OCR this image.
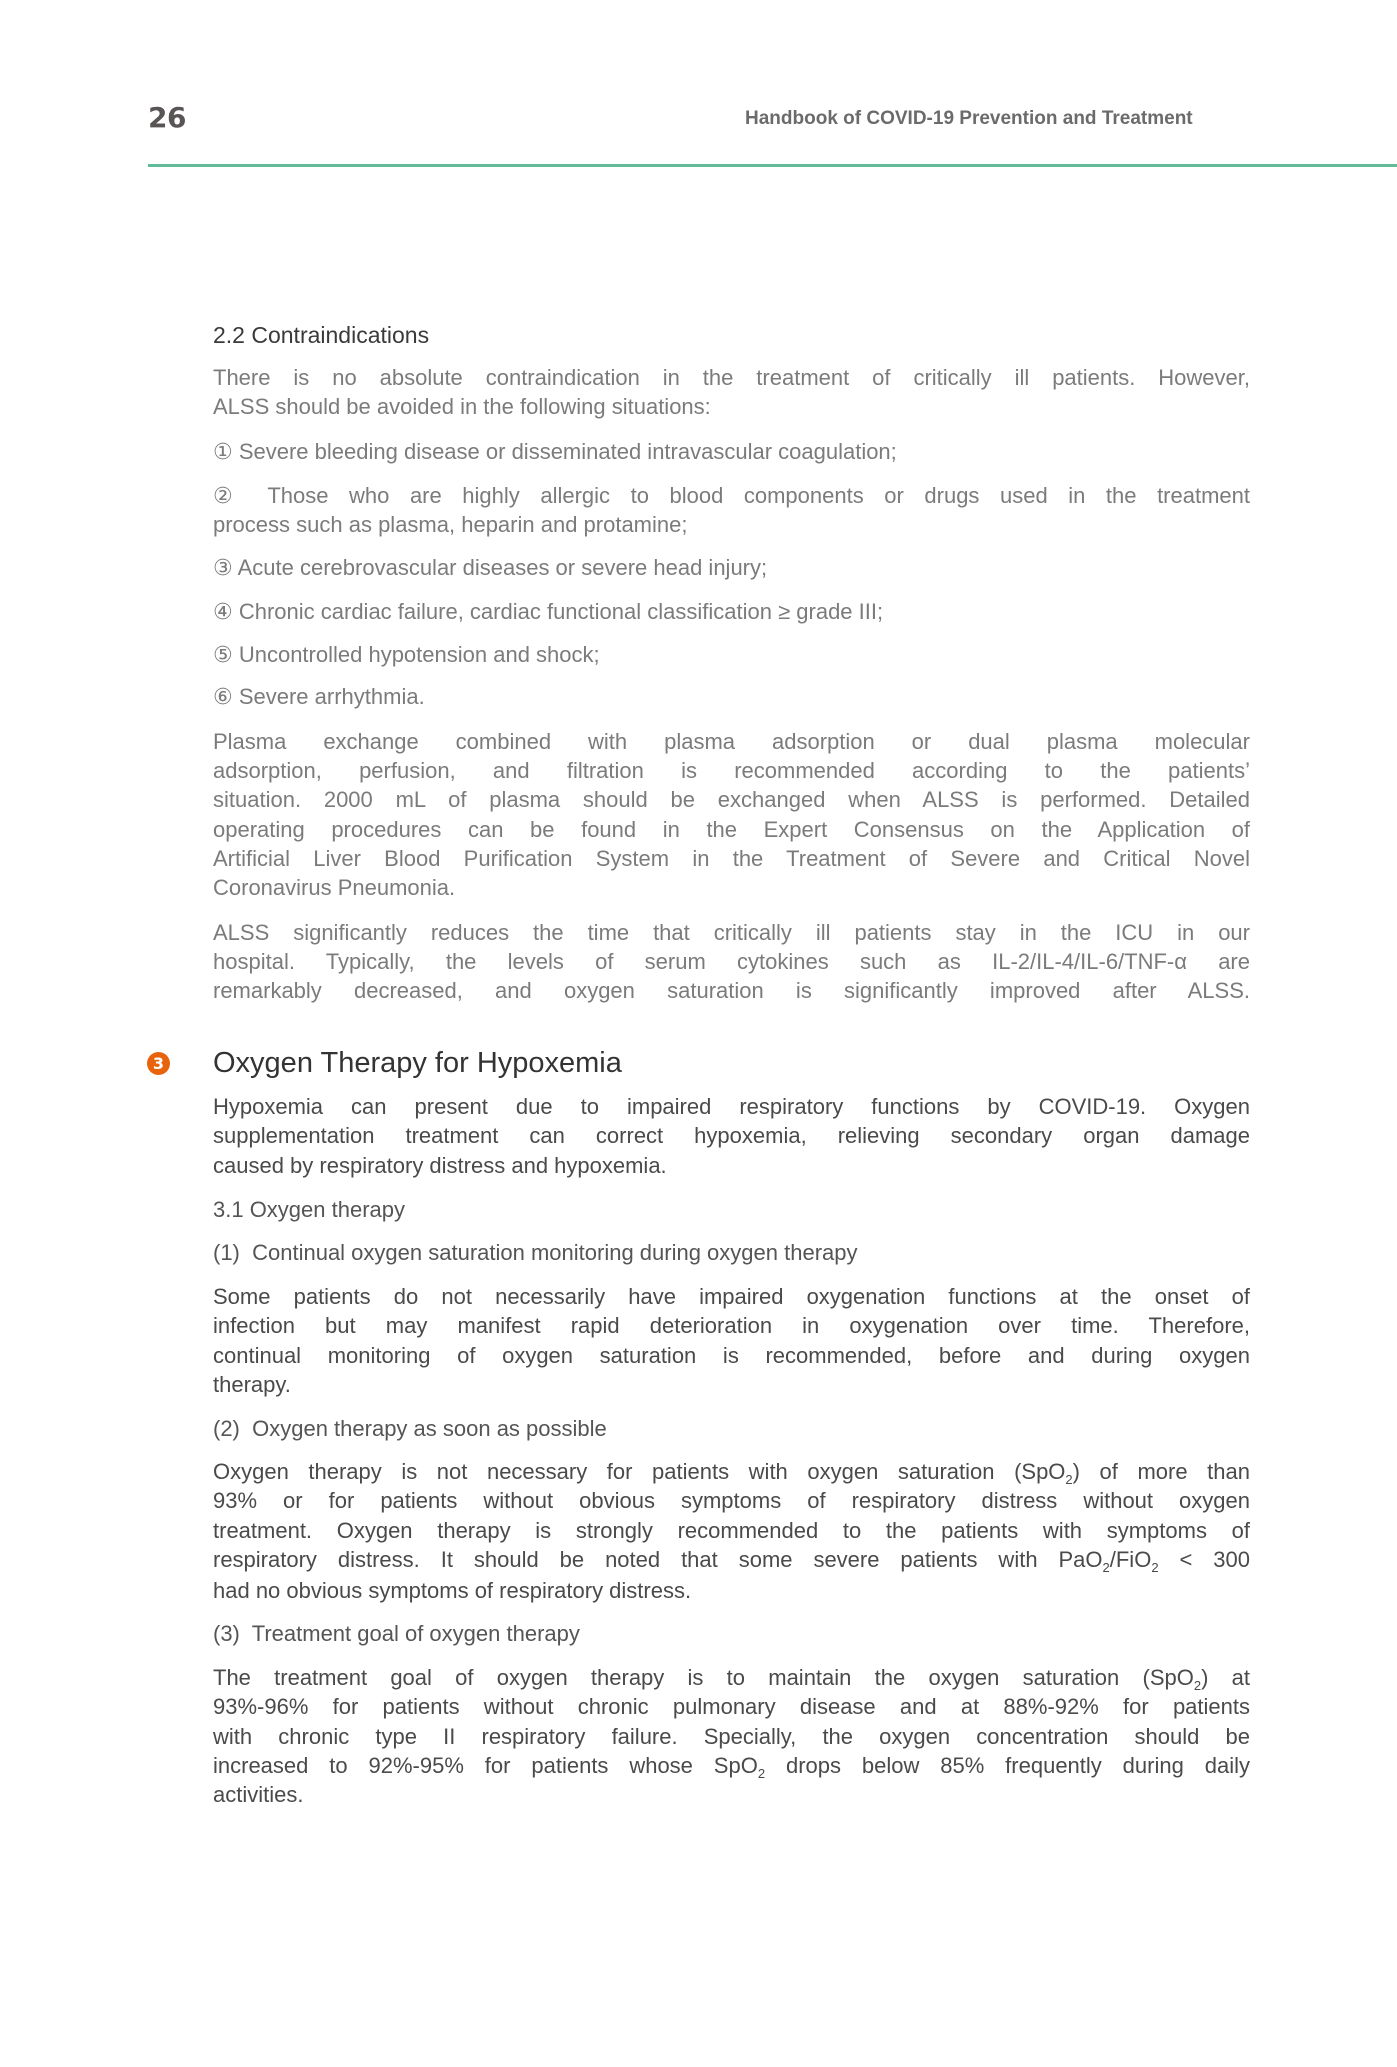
26	Handbook of COVID-19 Prevention and Treatment
2.2 Contraindications
There is no absolute contraindication in the treatment of critically ill patients. However,
ALSS should be avoided in the following situations:
① Severe bleeding disease or disseminated intravascular coagulation;
② Those who are highly allergic to blood components or drugs used in the treatment
process such as plasma, heparin and protamine;
③ Acute cerebrovascular diseases or severe head injury;
④ Chronic cardiac failure, cardiac functional classification ≥ grade III;
⑤ Uncontrolled hypotension and shock;
⑥ Severe arrhythmia.
Plasma exchange combined with plasma adsorption or dual plasma molecular
adsorption, perfusion, and filtration is recommended according to the patients’
situation. 2000 mL of plasma should be exchanged when ALSS is performed. Detailed
operating procedures can be found in the Expert Consensus on the Application of
Artificial Liver Blood Purification System in the Treatment of Severe and Critical Novel
Coronavirus Pneumonia.
ALSS significantly reduces the time that critically ill patients stay in the ICU in our
hospital. Typically, the levels of serum cytokines such as IL-2/IL-4/IL-6/TNF-α are
remarkably decreased, and oxygen saturation is significantly improved after ALSS.
3 Oxygen Therapy for Hypoxemia
Hypoxemia can present due to impaired respiratory functions by COVID-19. Oxygen
supplementation treatment can correct hypoxemia, relieving secondary organ damage
caused by respiratory distress and hypoxemia.
3.1 Oxygen therapy
(1)  Continual oxygen saturation monitoring during oxygen therapy
Some patients do not necessarily have impaired oxygenation functions at the onset of
infection but may manifest rapid deterioration in oxygenation over time. Therefore,
continual monitoring of oxygen saturation is recommended, before and during oxygen
therapy.
(2)  Oxygen therapy as soon as possible
Oxygen therapy is not necessary for patients with oxygen saturation (SpO$_2$) of more than
93% or for patients without obvious symptoms of respiratory distress without oxygen
treatment. Oxygen therapy is strongly recommended to the patients with symptoms of
respiratory distress. It should be noted that some severe patients with PaO$_2$/FiO$_2$ < 300
had no obvious symptoms of respiratory distress.
(3)  Treatment goal of oxygen therapy
The treatment goal of oxygen therapy is to maintain the oxygen saturation (SpO$_2$) at
93%-96% for patients without chronic pulmonary disease and at 88%-92% for patients
with chronic type II respiratory failure. Specially, the oxygen concentration should be
increased to 92%-95% for patients whose SpO$_2$ drops below 85% frequently during daily
activities.
